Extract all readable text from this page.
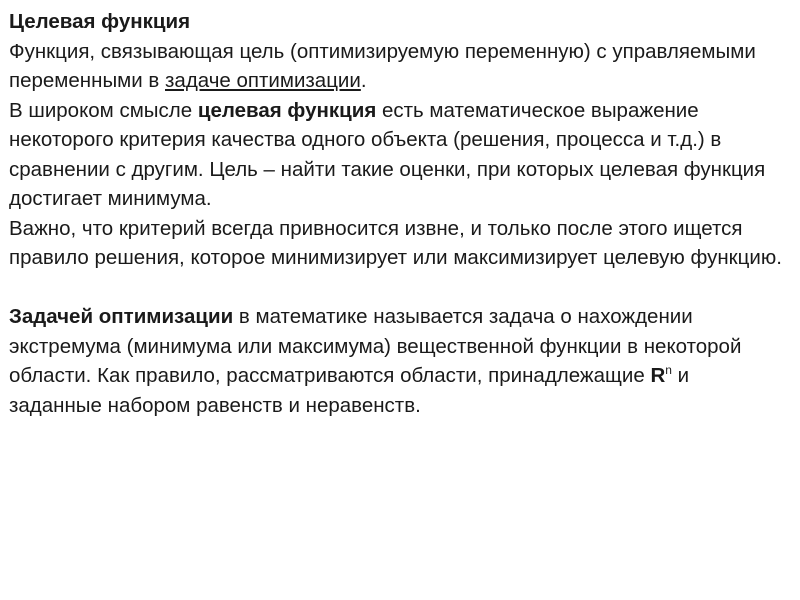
Целевая функция

Функция, связывающая цель (оптимизируемую переменную) с управляемыми переменными в задаче оптимизации.

В широком смысле целевая функция есть математическое выражение некоторого критерия качества одного объекта (решения, процесса и т.д.) в сравнении с другим. Цель – найти такие оценки, при которых целевая функция достигает минимума.

Важно, что критерий всегда привносится извне, и только после этого ищется правило решения, которое минимизирует или максимизирует целевую функцию.

Задачей оптимизации в математике называется задача о нахождении экстремума (минимума или максимума) вещественной функции в некоторой области. Как правило, рассматриваются области, принадлежащие $R^n$ и заданные набором равенств и неравенств.
